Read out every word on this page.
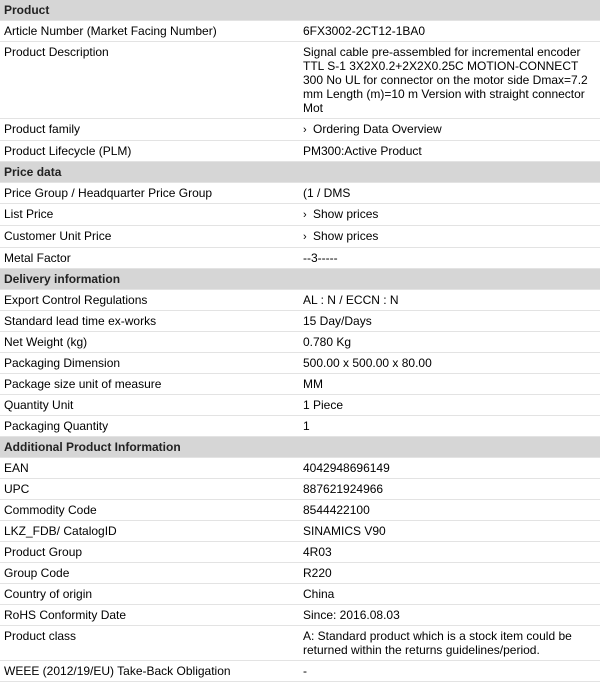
Product	
Article Number (Market Facing Number)	6FX3002-2CT12-1BA0
Product Description	Signal cable pre-assembled for incremental encoder TTL S-1 3X2X0.2+2X2X0.25C MOTION-CONNECT 300 No UL for connector on the motor side Dmax=7.2 mm Length (m)=10 m Version with straight connector Mot
Product family	› Ordering Data Overview
Product Lifecycle (PLM)	PM300:Active Product
Price data	
Price Group / Headquarter Price Group	(1 / DMS
List Price	› Show prices
Customer Unit Price	› Show prices
Metal Factor	--3-----
Delivery information	
Export Control Regulations	AL : N / ECCN : N
Standard lead time ex-works	15 Day/Days
Net Weight (kg)	0.780 Kg
Packaging Dimension	500.00 x 500.00 x 80.00
Package size unit of measure	MM
Quantity Unit	1 Piece
Packaging Quantity	1
Additional Product Information	
EAN	4042948696149
UPC	887621924966
Commodity Code	8544422100
LKZ_FDB/ CatalogID	SINAMICS V90
Product Group	4R03
Group Code	R220
Country of origin	China
RoHS Conformity Date	Since: 2016.08.03
Product class	A: Standard product which is a stock item could be returned within the returns guidelines/period.
WEEE (2012/19/EU) Take-Back Obligation	-
